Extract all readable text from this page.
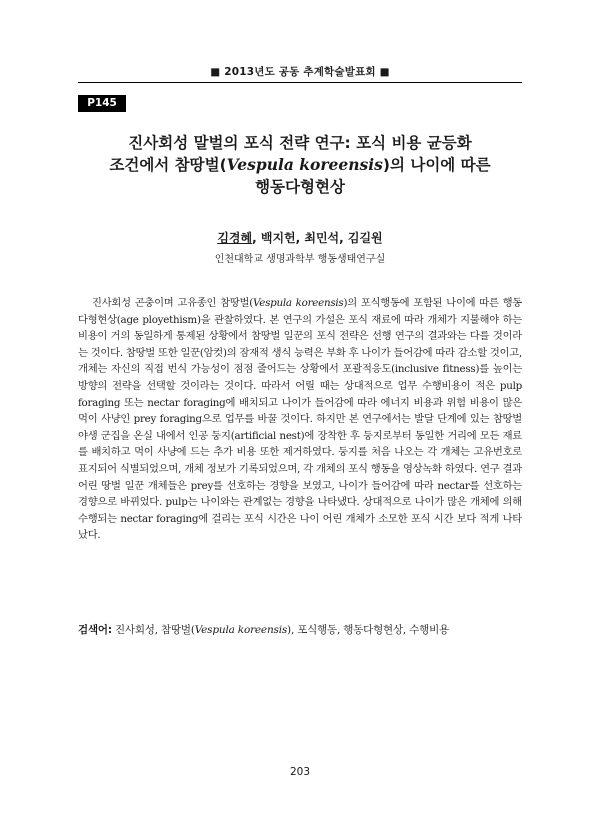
■ 2013년도 공동 추계학술발표회 ■
P145
진사회성 말벌의 포식 전략 연구: 포식 비용 균등화
조건에서 참땅벌(Vespula koreensis)의 나이에 따른
행동다형현상
김경혜, 백지헌, 최민석, 김길원
인천대학교 생명과학부 행동생태연구실

진사회성 곤충이며 고유종인 참땅벌(Vespula koreensis)의 포식행동에 포함된 나이에 따른 행동다형현상(age ployethism)을 관찰하였다. 본 연구의 가설은 포식 재료에 따라 개체가 지불해야 하는 비용이 거의 동일하게 통제된 상황에서 참땅벌 일꾼의 포식 전략은 선행 연구의 결과와는 다를 것이라는 것이다. 참땅벌 또한 일꾼(암컷)의 잠재적 생식 능력은 부화 후 나이가 들어감에 따라 감소할 것이고, 개체는 자신의 직접 번식 가능성이 점점 줄어드는 상황에서 포괄적응도(inclusive fitness)를 높이는 방향의 전략을 선택할 것이라는 것이다. 따라서 어릴 때는 상대적으로 업무 수행비용이 적은 pulp foraging 또는 nectar foraging에 배치되고 나이가 들어감에 따라 에너지 비용과 위험 비용이 많은 먹이 사냥인 prey foraging으로 업무를 바꿀 것이다. 하지만 본 연구에서는 발달 단계에 있는 참땅벌 야생 군집을 온실 내에서 인공 둥지(artificial nest)에 장착한 후 둥지로부터 동일한 거리에 모든 재료를 배치하고 먹이 사냥에 드는 추가 비용 또한 제거하였다. 둥지를 처음 나오는 각 개체는 고유번호로 표지되어 식별되었으며, 개체 정보가 기록되었으며, 각 개체의 포식 행동을 영상녹화 하였다. 연구 결과 어린 땅벌 일꾼 개체들은 prey를 선호하는 경향을 보였고, 나이가 들어감에 따라 nectar를 선호하는 경향으로 바뀌었다. pulp는 나이와는 관계없는 경향을 나타냈다. 상대적으로 나이가 많은 개체에 의해 수행되는 nectar foraging에 걸리는 포식 시간은 나이 어린 개체가 소모한 포식 시간 보다 적게 나타났다.

검색어: 진사회성, 참땅벌(Vespula koreensis), 포식행동, 행동다형현상, 수행비용

203
